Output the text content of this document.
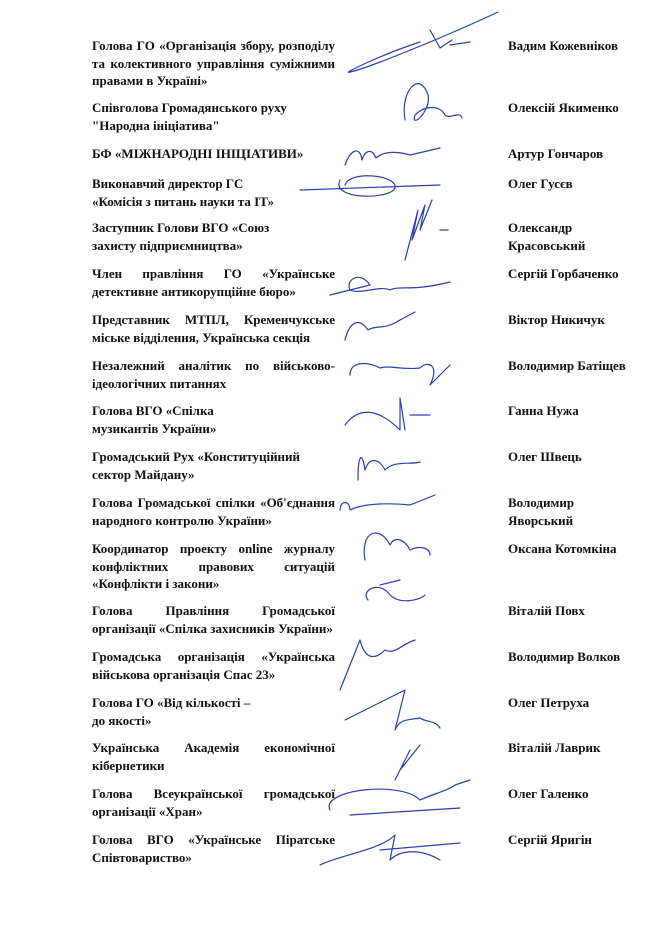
Голова ГО «Організація збору, розподілу та колективного управління суміжними правами в Україні»
Вадим Кожевніков
Співголова Громадянського руху "Народна ініціатива"
Олексій Якименко
БФ «МІЖНАРОДНІ ІНІЦІАТИВИ»	Артур Гончаров
Виконавчий директор ГС «Комісія з питань науки та ІТ»
Олег Гусєв
Заступник Голови ВГО «Союз захисту підприємництва»
Олександр Красовський
Член правління ГО «Українське детективне антикорупційне бюро»
Сергій Горбаченко
Представник МТПЛ, Кременчукське міське відділення, Українська секція
Віктор Никичук
Незалежний аналітик по військово-ідеологічних питаннях
Володимир Батіщев
Голова ВГО «Спілка музикантів України»
Ганна Нужа
Громадський Рух «Конституційний сектор Майдану»
Олег Швець
Голова Громадської спілки «Об'єднання народного контролю України»
Володимир Яворський
Координатор проекту online журналу конфліктних правових ситуацій «Конфлікти і закони»
Оксана Котомкіна
Голова Правління Громадської організації «Спілка захисників України»
Віталій Повх
Громадська організація «Українська військова організація Спас 23»
Володимир Волков
Голова ГО «Від кількості – до якості»
Олег Петруха
Українська Академія економічної кібернетики
Віталій Лаврик
Голова Всеукраїнської громадської організації «Хран»
Олег Галенко
Голова ВГО «Українське Піратське Співтовариство»
Сергій Яригін
